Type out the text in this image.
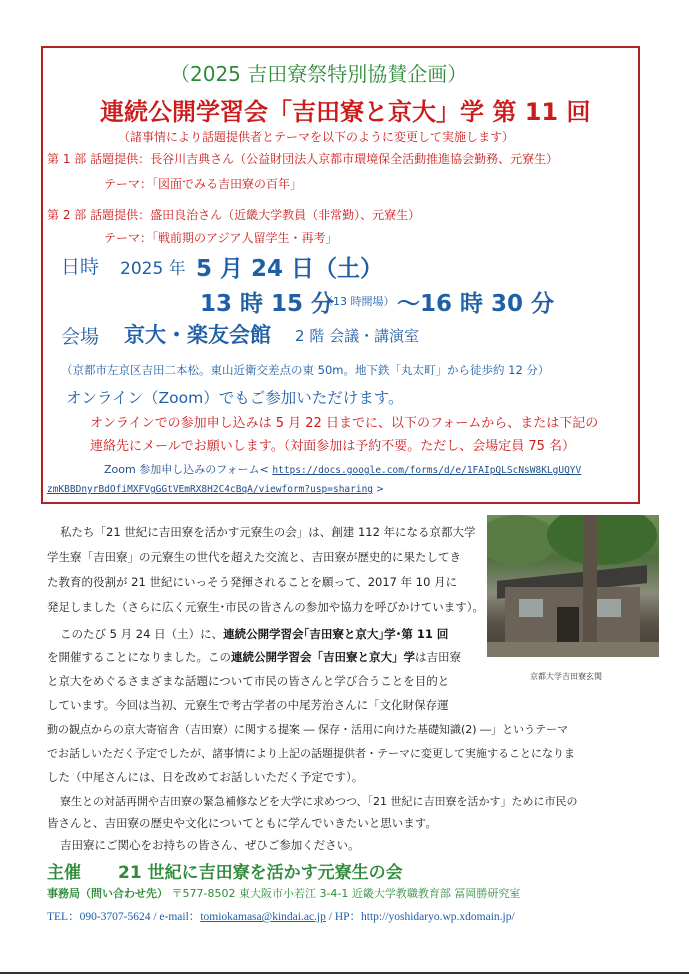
（2025 吉田寮祭特別協賛企画）
連続公開学習会「吉田寮と京大」学 第 11 回
（諸事情により話題提供者とテーマを以下のように変更して実施します）
第 1 部 話題提供：長谷川吉典さん（公益財団法人京都市環境保全活動推進協会勤務、元寮生）
テーマ：「図面でみる吉田寮の百年」
第 2 部 話題提供：盛田良治さん（近畿大学教員（非常勤）、元寮生）
テーマ：「戦前期のアジア人留学生・再考」
日時 2025 年 5 月 24 日（土）
13 時 15 分
（13 時開場） 〜16 時 30 分
会場 京大・楽友会館 2 階 会議・講演室
（京都市左京区吉田二本松。東山近衛交差点の東 50m。地下鉄「丸太町」から徒歩約 12 分）
オンライン（Zoom）でもご参加いただけます。
オンラインでの参加申し込みは 5 月 22 日までに、以下のフォームから、または下記の
連絡先にメールでお願いします。（対面参加は予約不要。ただし、会場定員 75 名）
Zoom 参加申し込みのフォーム< https://docs.google.com/forms/d/e/1FAIpQLScNsW8KLgUQYV
zmKBBDnyrBdOfiMXFVgGGtVEmRX8H2C4cBqA/viewform?usp=sharing >
京都大学吉田寮玄関
私たち「21 世紀に吉田寮を活かす元寮生の会」は、創建 112 年になる京都大学
学生寮「吉田寮」の元寮生の世代を超えた交流と、吉田寮が歴史的に果たしてき
た教育的役割が 21 世紀にいっそう発揮されることを願って、2017 年 10 月に
発足しました（さらに広く元寮生･市民の皆さんの参加や協力を呼びかけています）。
このたび 5 月 24 日（土）に、連続公開学習会｢吉田寮と京大｣学･第 11 回
を開催することになりました。この連続公開学習会「吉田寮と京大」学は吉田寮
と京大をめぐるさまざまな話題について市民の皆さんと学び合うことを目的と
しています。今回は当初、元寮生で考古学者の中尾芳治さんに「文化財保存運
動の観点からの京大寄宿舎（吉田寮）に関する提案 ― 保存・活用に向けた基礎知識(2) ―」というテーマ
でお話しいただく予定でしたが、諸事情により上記の話題提供者・テーマに変更して実施することになりま
した（中尾さんには、日を改めてお話しいただく予定です）。
寮生との対話再開や吉田寮の緊急補修などを大学に求めつつ、「21 世紀に吉田寮を活かす」ために市民の
皆さんと、吉田寮の歴史や文化についてともに学んでいきたいと思います。
吉田寮にご関心をお持ちの皆さん、ぜひご参加ください。
主催 21 世紀に吉田寮を活かす元寮生の会
事務局（問い合わせ先） 〒577-8502 東大阪市小若江 3-4-1 近畿大学教職教育部 冨岡勝研究室
TEL：090-3707-5624 / e-mail：tomiokamasa@kindai.ac.jp / HP：http://yoshidaryo.wp.xdomain.jp/
